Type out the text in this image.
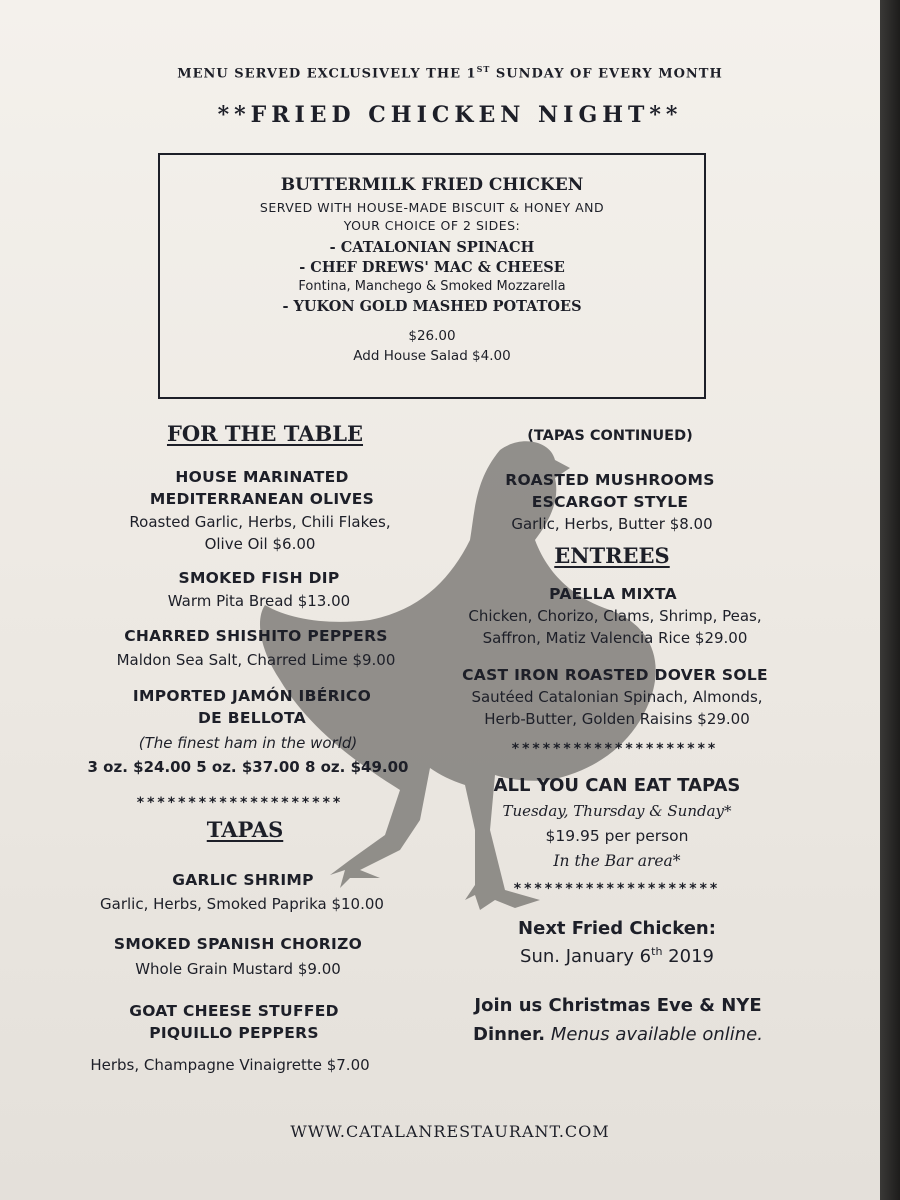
MENU SERVED EXCLUSIVELY THE 1ST SUNDAY OF EVERY MONTH
**FRIED CHICKEN NIGHT**
BUTTERMILK FRIED CHICKEN
SERVED WITH HOUSE-MADE BISCUIT & HONEY AND
YOUR CHOICE OF 2 SIDES:
- CATALONIAN SPINACH
- CHEF DREWS' MAC & CHEESE
Fontina, Manchego & Smoked Mozzarella
- YUKON GOLD MASHED POTATOES
$26.00
Add House Salad $4.00
FOR THE TABLE
HOUSE MARINATED
MEDITERRANEAN OLIVES
Roasted Garlic, Herbs, Chili Flakes,
Olive Oil $6.00
SMOKED FISH DIP
Warm Pita Bread $13.00
CHARRED SHISHITO PEPPERS
Maldon Sea Salt, Charred Lime $9.00
IMPORTED JAMÓN IBÉRICO
DE BELLOTA
(The finest ham in the world)
3 oz. $24.00 5 oz. $37.00 8 oz. $49.00
********************
TAPAS
GARLIC SHRIMP
Garlic, Herbs, Smoked Paprika $10.00
SMOKED SPANISH CHORIZO
Whole Grain Mustard $9.00
GOAT CHEESE STUFFED
PIQUILLO PEPPERS
Herbs, Champagne Vinaigrette $7.00
(TAPAS CONTINUED)
ROASTED MUSHROOMS
ESCARGOT STYLE
Garlic, Herbs, Butter $8.00
ENTREES
PAELLA MIXTA
Chicken, Chorizo, Clams, Shrimp, Peas,
Saffron, Matiz Valencia Rice $29.00
CAST IRON ROASTED DOVER SOLE
Sautéed Catalonian Spinach, Almonds,
Herb-Butter, Golden Raisins $29.00
********************
ALL YOU CAN EAT TAPAS
Tuesday, Thursday & Sunday*
$19.95 per person
In the Bar area*
********************
Next Fried Chicken:
Sun. January 6th 2019
Join us Christmas Eve & NYE
Dinner. Menus available online.
WWW.CATALANRESTAURANT.COM
